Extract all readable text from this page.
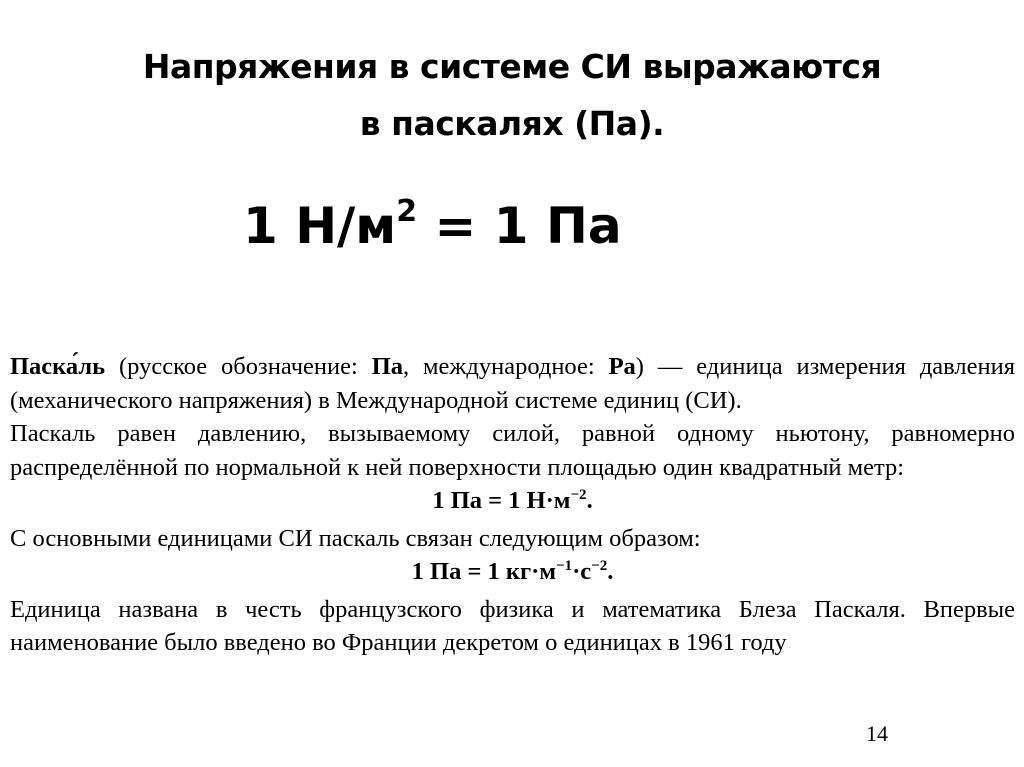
Напряжения в системе СИ выражаются
в паскалях (Па).
1 $Н/м^2 = 1$ Па

Паска́ль (русское обозначение: Па, международное: Pa) — единица измерения давления (механического напряжения) в Международной системе единиц (СИ).

Паскаль равен давлению, вызываемому силой, равной одному ньютону, равномерно распределённой по нормальной к ней поверхности площадью один квадратный метр:

1 Па = 1 $Н\cdot м^{-2}$.

С основными единицами СИ паскаль связан следующим образом:

1 Па = 1 $кг\cdot м^{-1}\cdot с^{-2}$.

Единица названа в честь французского физика и математика Блеза Паскаля. Впервые наименование было введено во Франции декретом о единицах в 1961 году

14
